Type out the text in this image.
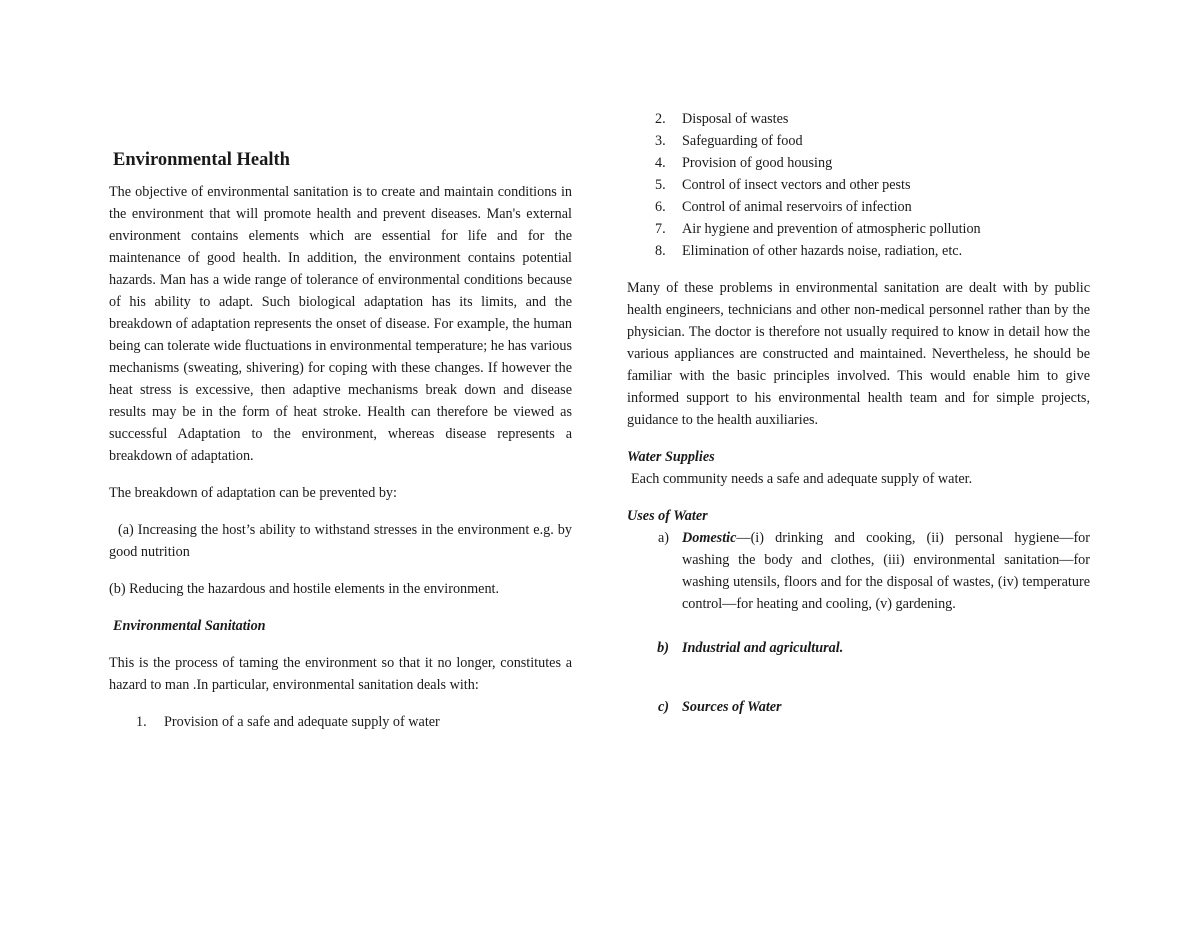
Environmental Health

The objective of environmental sanitation is to create and maintain conditions in the environment that will promote health and prevent diseases. Man's external environment contains elements which are essential for life and for the maintenance of good health. In addition, the environment contains potential hazards. Man has a wide range of tolerance of environmental conditions because of his ability to adapt. Such biological adaptation has its limits, and the breakdown of adaptation represents the onset of disease. For example, the human being can tolerate wide fluctuations in environmental temperature; he has various mechanisms (sweating, shivering) for coping with these changes. If however the heat stress is excessive, then adaptive mechanisms break down and disease results may be in the form of heat stroke. Health can therefore be viewed as successful Adaptation to the environment, whereas disease represents a breakdown of adaptation.

The breakdown of adaptation can be prevented by:

(a) Increasing the host’s ability to withstand stresses in the environment e.g. by good nutrition

(b) Reducing the hazardous and hostile elements in the environment.

Environmental Sanitation

This is the process of taming the environment so that it no longer, constitutes a hazard to man .In particular, environmental sanitation deals with:

1.	Provision of a safe and adequate supply of water
2.	Disposal of wastes
3.	Safeguarding of food
4.	Provision of good housing
5.	Control of insect vectors and other pests
6.	Control of animal reservoirs of infection
7.	Air hygiene and prevention of atmospheric pollution
8.	Elimination of other hazards noise, radiation, etc.

Many of these problems in environmental sanitation are dealt with by public health engineers, technicians and other non-medical personnel rather than by the physician. The doctor is therefore not usually required to know in detail how the various appliances are constructed and maintained. Nevertheless, he should be familiar with the basic principles involved. This would enable him to give informed support to his environmental health team and for simple projects, guidance to the health auxiliaries.

Water Supplies

Each community needs a safe and adequate supply of water.

Uses of Water

a) Domestic—(i) drinking and cooking, (ii) personal hygiene—for washing the body and clothes, (iii) environmental sanitation—for washing utensils, floors and for the disposal of wastes, (iv) temperature control—for heating and cooling, (v) gardening.
b) Industrial and agricultural.
c) Sources of Water
